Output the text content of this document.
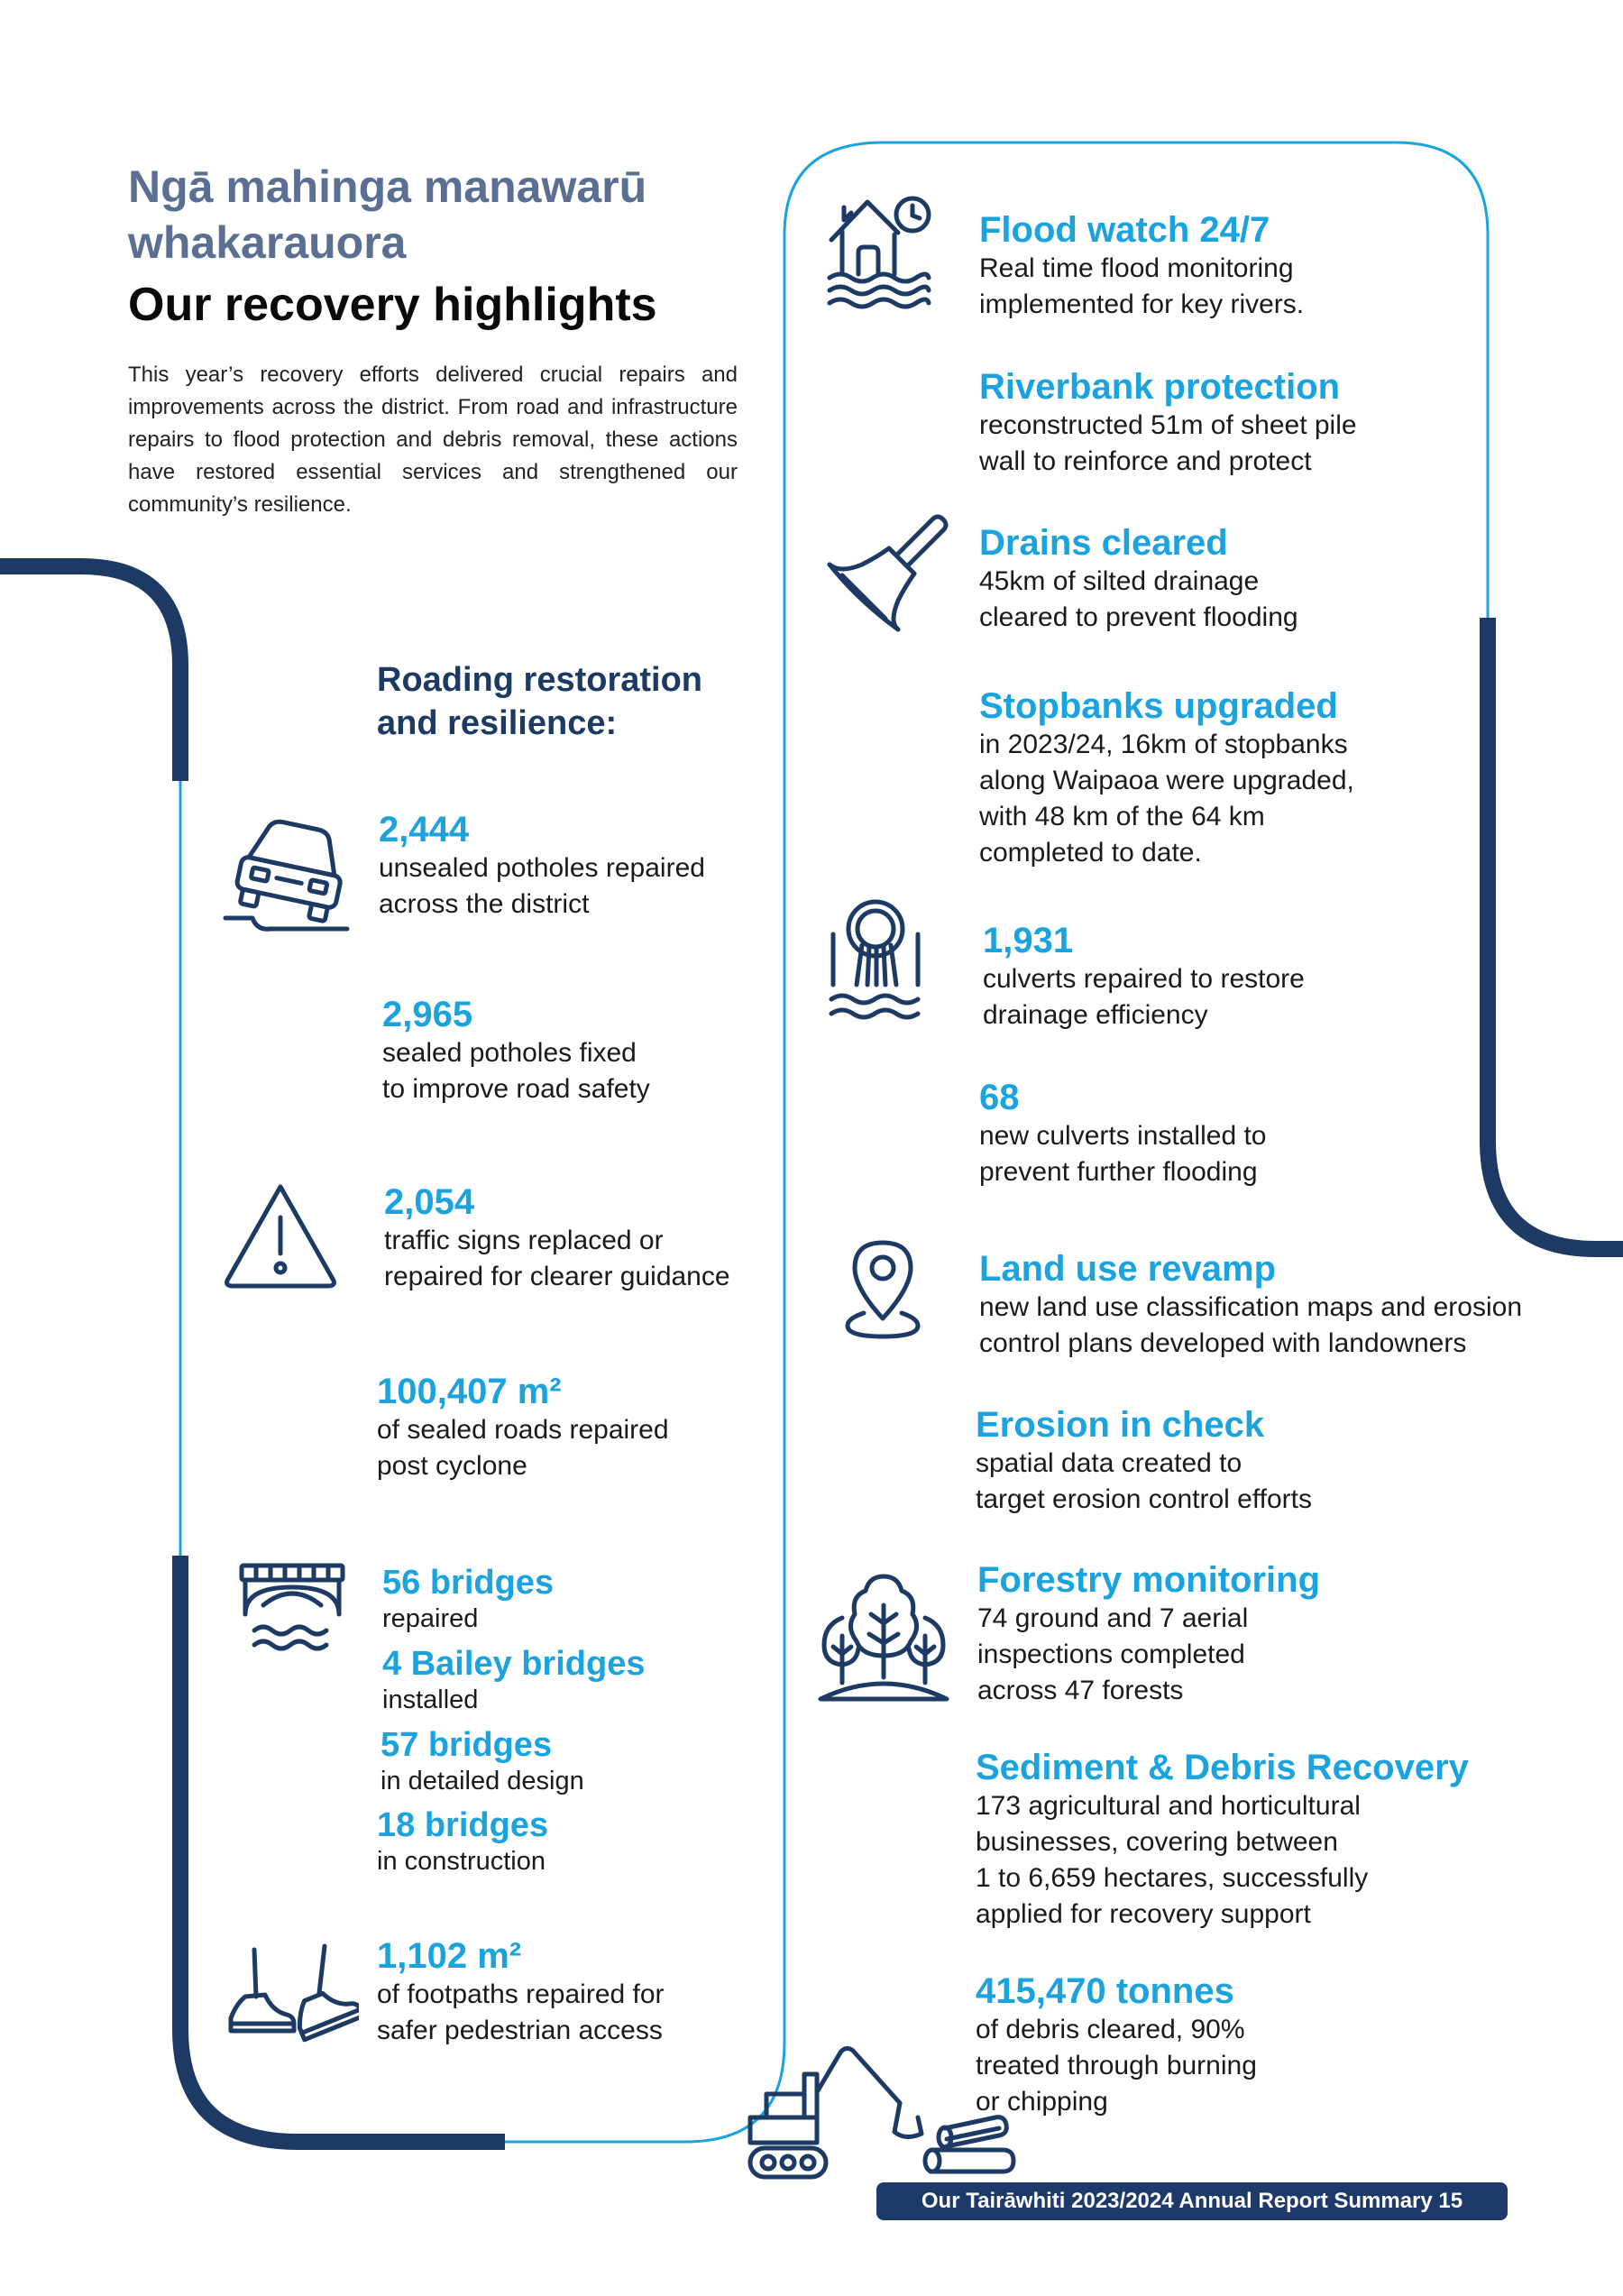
Ngā mahinga manawarū
whakarauora
Our recovery highlights
This year’s recovery efforts delivered crucial repairs and improvements across the district. From road and infrastructure repairs to flood protection and debris removal, these actions have restored essential services and strengthened our community’s resilience.
Roading restoration
and resilience:
2,444
unsealed potholes repaired
across the district
2,965
sealed potholes fixed
to improve road safety
2,054
traffic signs replaced or
repaired for clearer guidance
100,407 m²
of sealed roads repaired
post cyclone
56 bridges
repaired
4 Bailey bridges
installed
57 bridges
in detailed design
18 bridges
in construction
1,102 m²
of footpaths repaired for
safer pedestrian access
Flood watch 24/7
Real time flood monitoring
implemented for key rivers.
Riverbank protection
reconstructed 51m of sheet pile
wall to reinforce and protect
Drains cleared
45km of silted drainage
cleared to prevent flooding
Stopbanks upgraded
in 2023/24, 16km of stopbanks
along Waipaoa were upgraded,
with 48 km of the 64 km
completed to date.
1,931
culverts repaired to restore
drainage efficiency
68
new culverts installed to
prevent further flooding
Land use revamp
new land use classification maps and erosion
control plans developed with landowners
Erosion in check
spatial data created to
target erosion control efforts
Forestry monitoring
74 ground and 7 aerial
inspections completed
across 47 forests
Sediment & Debris Recovery
173 agricultural and horticultural
businesses, covering between
1 to 6,659 hectares, successfully
applied for recovery support
415,470 tonnes
of debris cleared, 90%
treated through burning
or chipping
Our Tairāwhiti 2023/2024 Annual Report Summary 15
